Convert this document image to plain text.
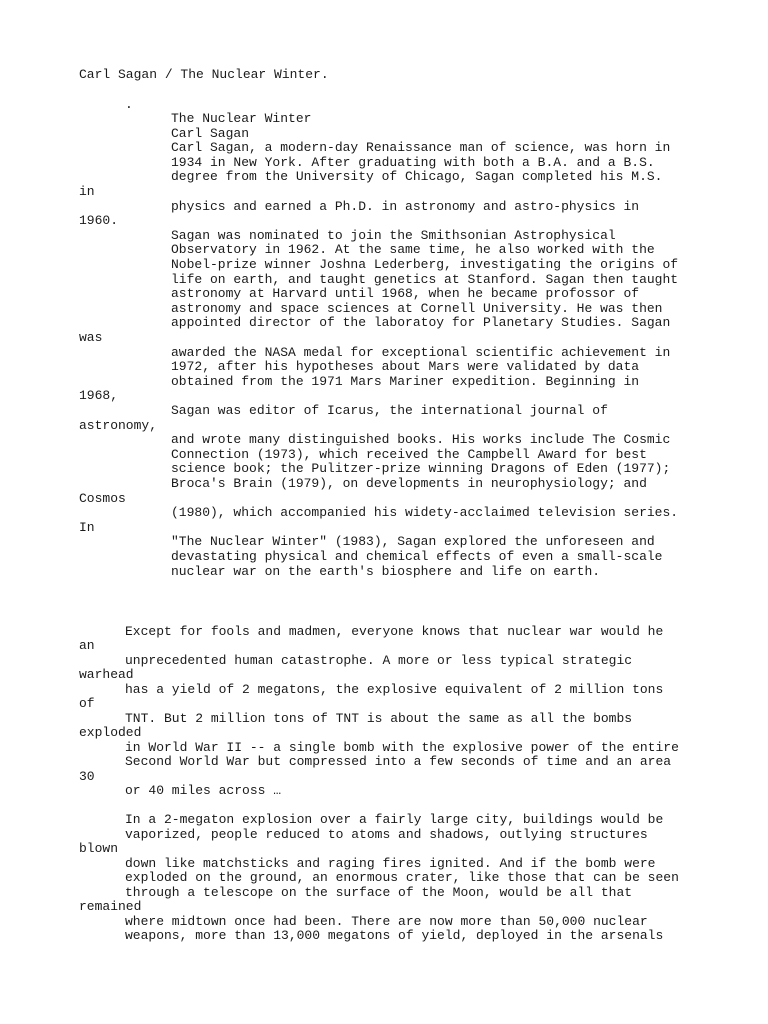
Carl Sagan / The Nuclear Winter.
.
The Nuclear Winter
Carl Sagan
Carl Sagan, a modern-day Renaissance man of science, was horn in
1934 in New York. After graduating with both a B.A. and a B.S.
degree from the University of Chicago, Sagan completed his M.S.
in
physics and earned a Ph.D. in astronomy and astro-physics in
1960.
Sagan was nominated to join the Smithsonian Astrophysical
Observatory in 1962. At the same time, he also worked with the
Nobel-prize winner Joshna Lederberg, investigating the origins of
life on earth, and taught genetics at Stanford. Sagan then taught
astronomy at Harvard until 1968, when he became profossor of
astronomy and space sciences at Cornell University. He was then
appointed director of the laboratoy for Planetary Studies. Sagan
was
awarded the NASA medal for exceptional scientific achievement in
1972, after his hypotheses about Mars were validated by data
obtained from the 1971 Mars Mariner expedition. Beginning in
1968,
Sagan was editor of Icarus, the international journal of
astronomy,
and wrote many distinguished books. His works include The Cosmic
Connection (1973), which received the Campbell Award for best
science book; the Pulitzer-prize winning Dragons of Eden (1977);
Broca's Brain (1979), on developments in neurophysiology; and
Cosmos
(1980), which accompanied his widety-acclaimed television series.
In
"The Nuclear Winter" (1983), Sagan explored the unforeseen and
devastating physical and chemical effects of even a small-scale
nuclear war on the earth's biosphere and life on earth.
Except for fools and madmen, everyone knows that nuclear war would he
an
unprecedented human catastrophe. A more or less typical strategic
warhead
has a yield of 2 megatons, the explosive equivalent of 2 million tons
of
TNT. But 2 million tons of TNT is about the same as all the bombs
exploded
in World War II -- a single bomb with the explosive power of the entire
Second World War but compressed into a few seconds of time and an area
30
or 40 miles across …
In a 2-megaton explosion over a fairly large city, buildings would be
vaporized, people reduced to atoms and shadows, outlying structures
blown
down like matchsticks and raging fires ignited. And if the bomb were
exploded on the ground, an enormous crater, like those that can be seen
through a telescope on the surface of the Moon, would be all that
remained
where midtown once had been. There are now more than 50,000 nuclear
weapons, more than 13,000 megatons of yield, deployed in the arsenals
